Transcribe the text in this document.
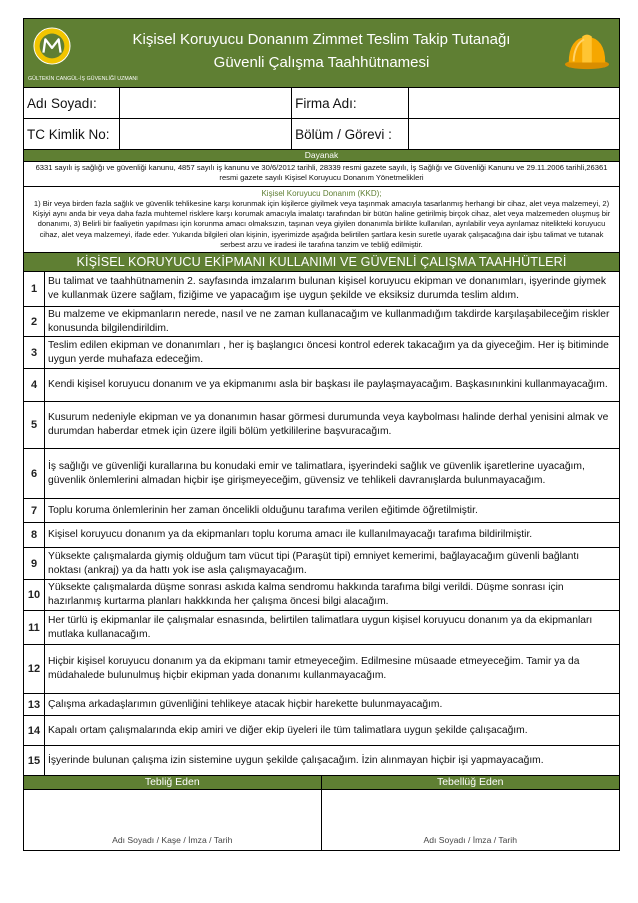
GÜLTEKİN CANGÜL-İŞ GÜVENLİĞİ UZMANI
Kişisel Koruyucu Donanım Zimmet Teslim Takip Tutanağı
Güvenli Çalışma Taahhütnamesi
Adı Soyadı:	Firma Adı:
TC Kimlik No:	Bölüm / Görevi :
Dayanak
6331 sayılı iş sağlığı ve güvenliği kanunu, 4857 sayılı iş kanunu ve 30/6/2012 tarihli, 28339 resmi gazete sayılı, İş Sağlığı ve Güvenliği Kanunu ve 29.11.2006 tarihli,26361 resmi gazete sayılı Kişisel Koruyucu Donanım Yönetmelikleri
Kişisel Koruyucu Donanım (KKD);
1) Bir veya birden fazla sağlık ve güvenlik tehlikesine karşı korunmak için kişilerce giyilmek veya taşınmak amacıyla tasarlanmış herhangi bir cihaz, alet veya malzemeyi, 2) Kişiyi aynı anda bir veya daha fazla muhtemel risklere karşı korumak amacıyla imalatçı tarafından bir bütün haline getirilmiş birçok cihaz, alet veya malzemeden oluşmuş bir donanımı, 3) Belirli bir faaliyetin yapılması için korunma amacı olmaksızın, taşınan veya giyilen donanımla birlikte kullanılan, ayrılabilir veya ayrılamaz nitelikteki koruyucu cihaz, alet veya malzemeyi, ifade eder. Yukarıda bilgileri olan kişinin, işyerimizde aşağıda belirtilen şartlara kesin suretle uyarak çalışacağına dair işbu talimat ve tutanak serbest arzu ve iradesi ile tarafına tanzim ve tebliğ edilmiştir.
KİŞİSEL KORUYUCU EKİPMANI KULLANIMI VE GÜVENLİ ÇALIŞMA TAAHHÜTLERİ
1
Bu talimat ve taahhütnamenin 2. sayfasında imzalarım bulunan kişisel koruyucu ekipman ve donanımları, işyerinde giymek ve kullanmak üzere sağlam, fiziğime ve yapacağım işe uygun şekilde ve eksiksiz durumda teslim aldım.
2
Bu malzeme ve ekipmanların nerede, nasıl ve ne zaman kullanacağım ve kullanmadığım takdirde karşılaşabileceğim riskler konusunda bilgilendirildim.
3
Teslim edilen ekipman ve donanımları , her iş başlangıcı öncesi kontrol ederek takacağım ya da giyeceğim. Her iş bitiminde uygun yerde muhafaza edeceğim.
4	Kendi kişisel koruyucu donanım ve ya ekipmanımı asla bir başkası ile paylaşmayacağım. Başkasınınkini kullanmayacağım.
5
Kusurum nedeniyle ekipman ve ya donanımın hasar görmesi durumunda veya kaybolması halinde derhal yenisini almak ve durumdan haberdar etmek için üzere ilgili bölüm yetkililerine başvuracağım.
6
İş sağlığı ve güvenliği kurallarına bu konudaki emir ve talimatlara, işyerindeki sağlık ve güvenlik işaretlerine uyacağım, güvenlik önlemlerini almadan hiçbir işe girişmeyeceğim, güvensiz ve tehlikeli davranışlarda bulunmayacağım.
7	Toplu koruma önlemlerinin her zaman öncelikli olduğunu tarafıma verilen eğitimde öğretilmiştir.
8	Kişisel koruyucu donanım ya da ekipmanları toplu koruma amacı ile kullanılmayacağı tarafıma bildirilmiştir.
9
Yüksekte çalışmalarda giymiş olduğum tam vücut tipi (Paraşüt tipi) emniyet kemerimi, bağlayacağım güvenli bağlantı noktası (ankraj) ya da hattı yok ise asla çalışmayacağım.
10
Yüksekte çalışmalarda düşme sonrası askıda kalma sendromu hakkında tarafıma bilgi verildi. Düşme sonrası için hazırlanmış kurtarma planları hakkkında her çalışma öncesi bilgi alacağım.
11
Her türlü iş ekipmanlar ile çalışmalar esnasında, belirtilen talimatlara uygun kişisel koruyucu donanım ya da ekipmanları mutlaka kullanacağım.
12
Hiçbir kişisel koruyucu donanım ya da ekipmanı tamir etmeyeceğim. Edilmesine müsaade etmeyeceğim. Tamir ya da müdahalede bulunulmuş hiçbir ekipman yada donanımı kullanmayacağım.
13 Çalışma arkadaşlarımın güvenliğini tehlikeye atacak hiçbir harekette bulunmayacağım.
14 Kapalı ortam çalışmalarında ekip amiri ve diğer ekip üyeleri ile tüm talimatlara uygun şekilde çalışacağım.
15 İşyerinde bulunan çalışma izin sistemine uygun şekilde çalışacağım. İzin alınmayan hiçbir işi yapmayacağım.
Tebliğ Eden
Adı Soyadı / Kaşe / İmza / Tarih
Tebellüğ Eden
Adı Soyadı / İmza / Tarih
